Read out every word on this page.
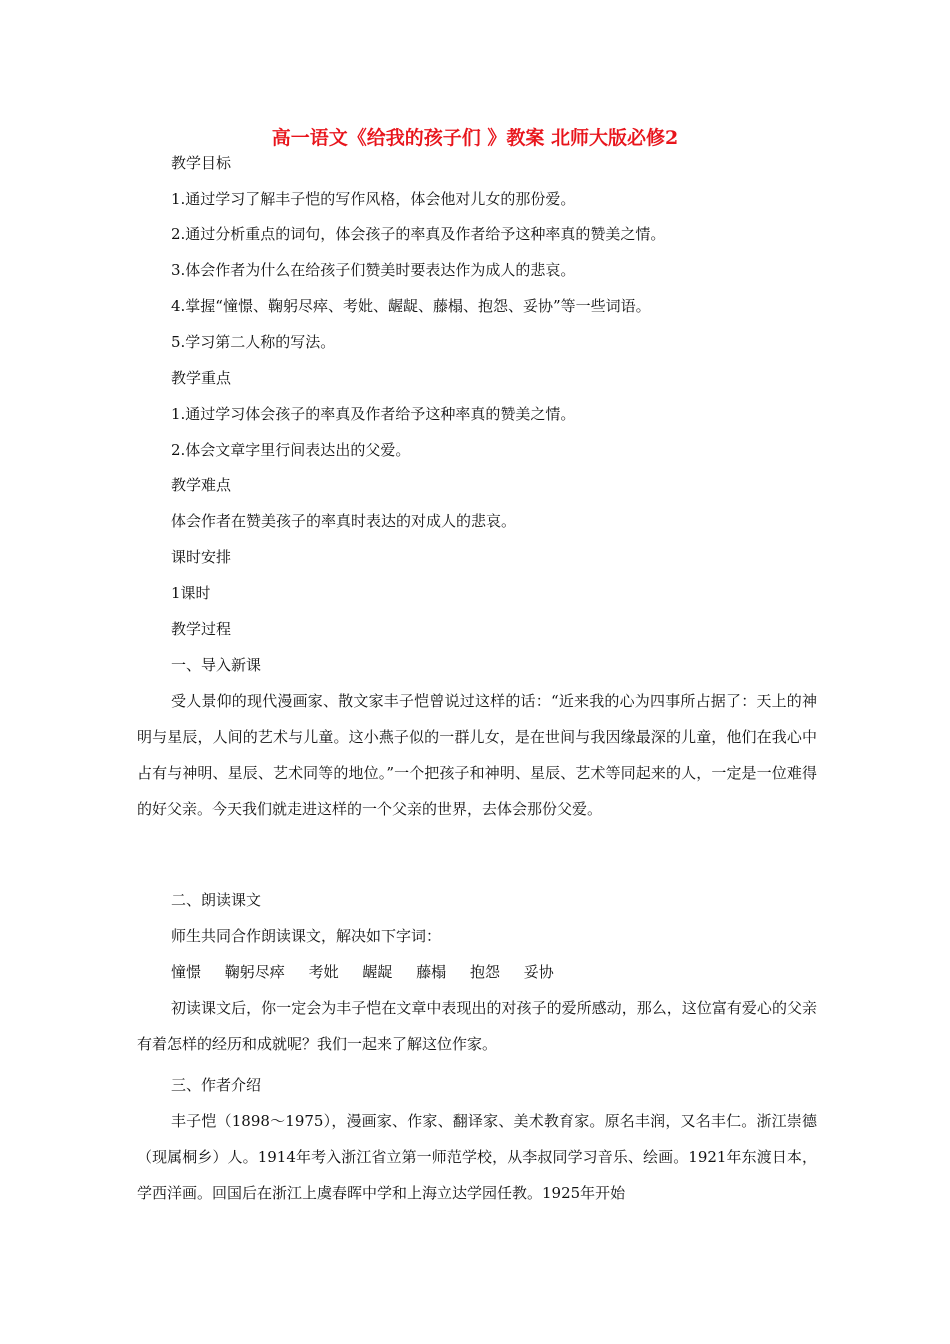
高一语文《给我的孩子们 》教案 北师大版必修2
教学目标
1.通过学习了解丰子恺的写作风格，体会他对儿女的那份爱。
2.通过分析重点的词句，体会孩子的率真及作者给予这种率真的赞美之情。
3.体会作者为什么在给孩子们赞美时要表达作为成人的悲哀。
4.掌握“憧憬、鞠躬尽瘁、考妣、龌龊、藤榻、抱怨、妥协”等一些词语。
5.学习第二人称的写法。
教学重点
1.通过学习体会孩子的率真及作者给予这种率真的赞美之情。
2.体会文章字里行间表达出的父爱。
教学难点
体会作者在赞美孩子的率真时表达的对成人的悲哀。
课时安排
1课时
教学过程
一、导入新课
受人景仰的现代漫画家、散文家丰子恺曾说过这样的话：“近来我的心为四事所占据了：天上的神明与星辰，人间的艺术与儿童。这小燕子似的一群儿女，是在世间与我因缘最深的儿童，他们在我心中占有与神明、星辰、艺术同等的地位。”一个把孩子和神明、星辰、艺术等同起来的人，一定是一位难得的好父亲。今天我们就走进这样的一个父亲的世界，去体会那份父爱。
二、朗读课文
师生共同合作朗读课文，解决如下字词：
憧憬 鞠躬尽瘁 考妣 龌龊 藤榻 抱怨 妥协
初读课文后，你一定会为丰子恺在文章中表现出的对孩子的爱所感动，那么，这位富有爱心的父亲有着怎样的经历和成就呢？我们一起来了解这位作家。
三、作者介绍
丰子恺（1898～1975），漫画家、作家、翻译家、美术教育家。原名丰润，又名丰仁。浙江崇德（现属桐乡）人。1914年考入浙江省立第一师范学校，从李叔同学习音乐、绘画。1921年东渡日本，学西洋画。回国后在浙江上虞春晖中学和上海立达学园任教。1925年开始
